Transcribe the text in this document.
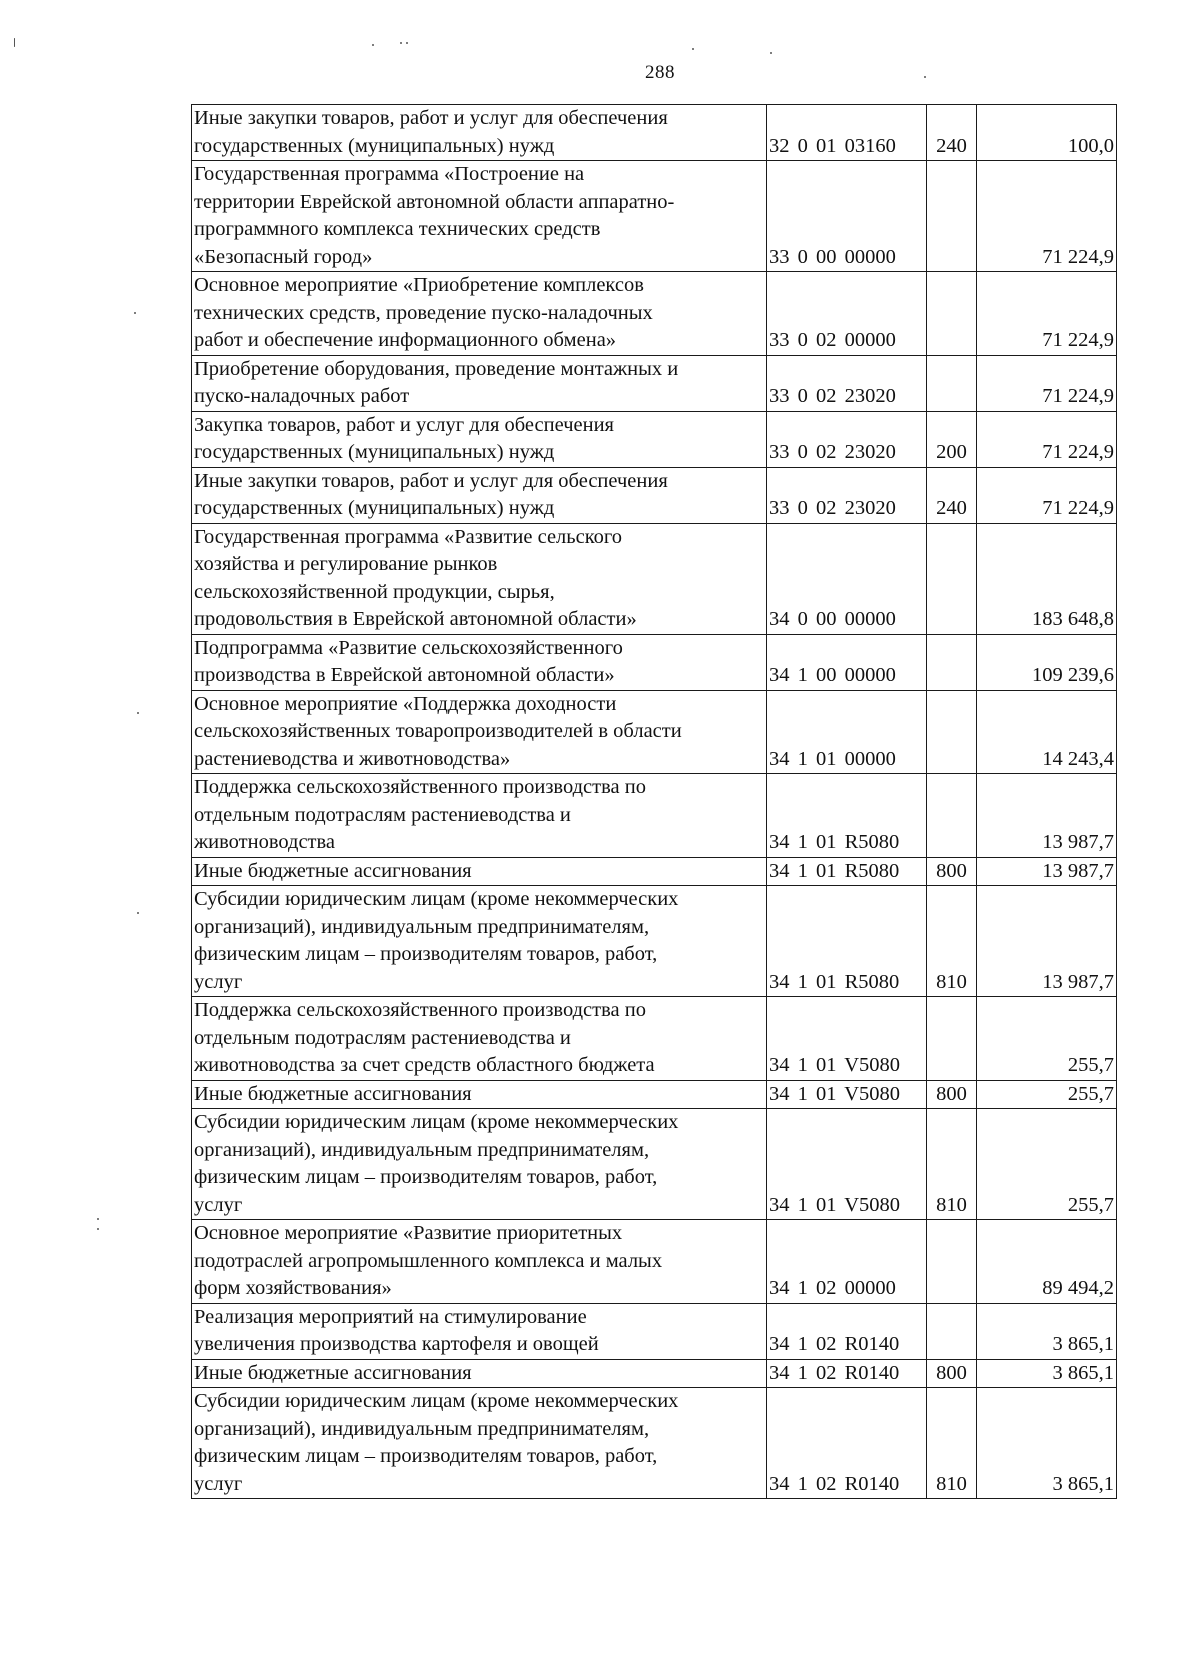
288
Иные закупки товаров, работ и услуг для обеспечения
государственных (муниципальных) нужд	32 0 01 03160	240	100,0

Государственная программа «Построение на
территории Еврейской автономной области аппаратно-
программного комплекса технических средств
«Безопасный город»	33 0 00 00000		71 224,9

Основное мероприятие «Приобретение комплексов
технических средств, проведение пуско-наладочных
работ и обеспечение информационного обмена»	33 0 02 00000		71 224,9

Приобретение оборудования, проведение монтажных и
пуско-наладочных работ	33 0 02 23020		71 224,9

Закупка товаров, работ и услуг для обеспечения
государственных (муниципальных) нужд	33 0 02 23020	200	71 224,9

Иные закупки товаров, работ и услуг для обеспечения
государственных (муниципальных) нужд	33 0 02 23020	240	71 224,9

Государственная программа «Развитие сельского
хозяйства и регулирование рынков
сельскохозяйственной продукции, сырья,
продовольствия в Еврейской автономной области»	34 0 00 00000		183 648,8

Подпрограмма «Развитие сельскохозяйственного
производства в Еврейской автономной области»	34 1 00 00000		109 239,6

Основное мероприятие «Поддержка доходности
сельскохозяйственных товаропроизводителей в области
растениеводства и животноводства»	34 1 01 00000		14 243,4

Поддержка сельскохозяйственного производства по
отдельным подотраслям растениеводства и
животноводства	34 1 01 R5080		13 987,7

Иные бюджетные ассигнования	34 1 01 R5080	800	13 987,7

Субсидии юридическим лицам (кроме некоммерческих
организаций), индивидуальным предпринимателям,
физическим лицам – производителям товаров, работ,
услуг	34 1 01 R5080	810	13 987,7

Поддержка сельскохозяйственного производства по
отдельным подотраслям растениеводства и
животноводства за счет средств областного бюджета	34 1 01 V5080		255,7

Иные бюджетные ассигнования	34 1 01 V5080	800	255,7

Субсидии юридическим лицам (кроме некоммерческих
организаций), индивидуальным предпринимателям,
физическим лицам – производителям товаров, работ,
услуг	34 1 01 V5080	810	255,7

Основное мероприятие «Развитие приоритетных
подотраслей агропромышленного комплекса и малых
форм хозяйствования»	34 1 02 00000		89 494,2

Реализация мероприятий на стимулирование
увеличения производства картофеля и овощей	34 1 02 R0140		3 865,1

Иные бюджетные ассигнования	34 1 02 R0140	800	3 865,1

Субсидии юридическим лицам (кроме некоммерческих
организаций), индивидуальным предпринимателям,
физическим лицам – производителям товаров, работ,
услуг	34 1 02 R0140	810	3 865,1
